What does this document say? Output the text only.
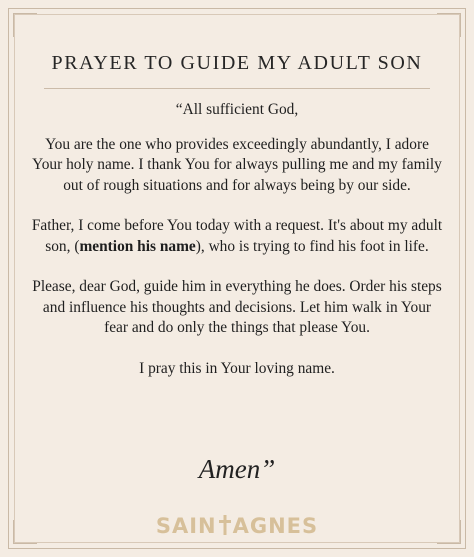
PRAYER TO GUIDE MY ADULT SON

“All sufficient God,

You are the one who provides exceedingly abundantly, I adore Your holy name. I thank You for always pulling me and my family out of rough situations and for always being by our side.

Father, I come before You today with a request. It's about my adult son, (mention his name), who is trying to find his foot in life.

Please, dear God, guide him in everything he does. Order his steps and influence his thoughts and decisions. Let him walk in Your fear and do only the things that please You.

I pray this in Your loving name.

Amen”
SAIN AGNES
